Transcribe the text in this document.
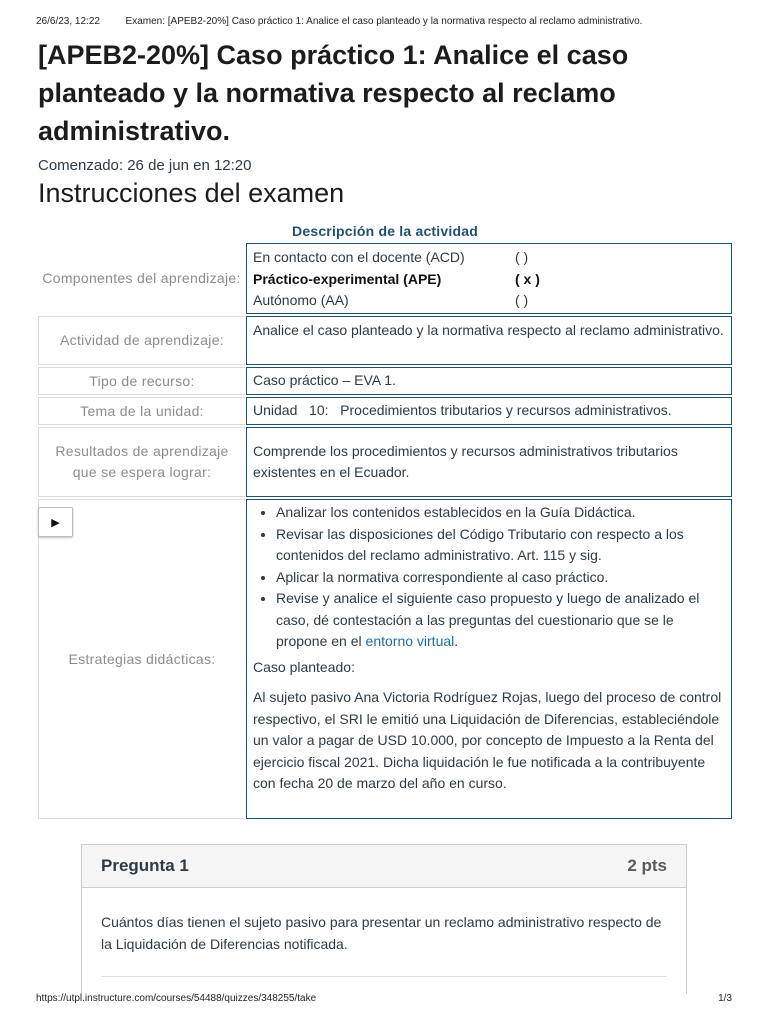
26/6/23, 12:22	Examen: [APEB2-20%] Caso práctico 1: Analice el caso planteado y la normativa respecto al reclamo administrativo.
[APEB2-20%] Caso práctico 1: Analice el caso planteado y la normativa respecto al reclamo administrativo.
Comenzado: 26 de jun en 12:20
Instrucciones del examen
Descripción de la actividad
Componentes del aprendizaje:
En contacto con el docente (ACD)	( )
Práctico-experimental (APE)	( x )
Autónomo (AA)	( )
Actividad de aprendizaje:
Analice el caso planteado y la normativa respecto al reclamo administrativo.
Tipo de recurso:	Caso práctico – EVA 1.
Tema de la unidad:	Unidad   10:   Procedimientos tributarios y recursos administrativos.
Resultados de aprendizaje que se espera lograr:
Comprende los procedimientos y recursos administrativos tributarios existentes en el Ecuador.
Estrategias didácticas:
▶
• Analizar los contenidos establecidos en la Guía Didáctica.
• Revisar las disposiciones del Código Tributario con respecto a los contenidos del reclamo administrativo. Art. 115 y sig.
• Aplicar la normativa correspondiente al caso práctico.
• Revise y analice el siguiente caso propuesto y luego de analizado el caso, dé contestación a las preguntas del cuestionario que se le propone en el entorno virtual.
Caso planteado:
Al sujeto pasivo Ana Victoria Rodríguez Rojas, luego del proceso de control respectivo, el SRI le emitió una Liquidación de Diferencias, estableciéndole un valor a pagar de USD 10.000, por concepto de Impuesto a la Renta del ejercicio fiscal 2021. Dicha liquidación le fue notificada a la contribuyente con fecha 20 de marzo del año en curso.
Pregunta 1	2 pts
Cuántos días tienen el sujeto pasivo para presentar un reclamo administrativo respecto de la Liquidación de Diferencias notificada.
https://utpl.instructure.com/courses/54488/quizzes/348255/take	1/3
